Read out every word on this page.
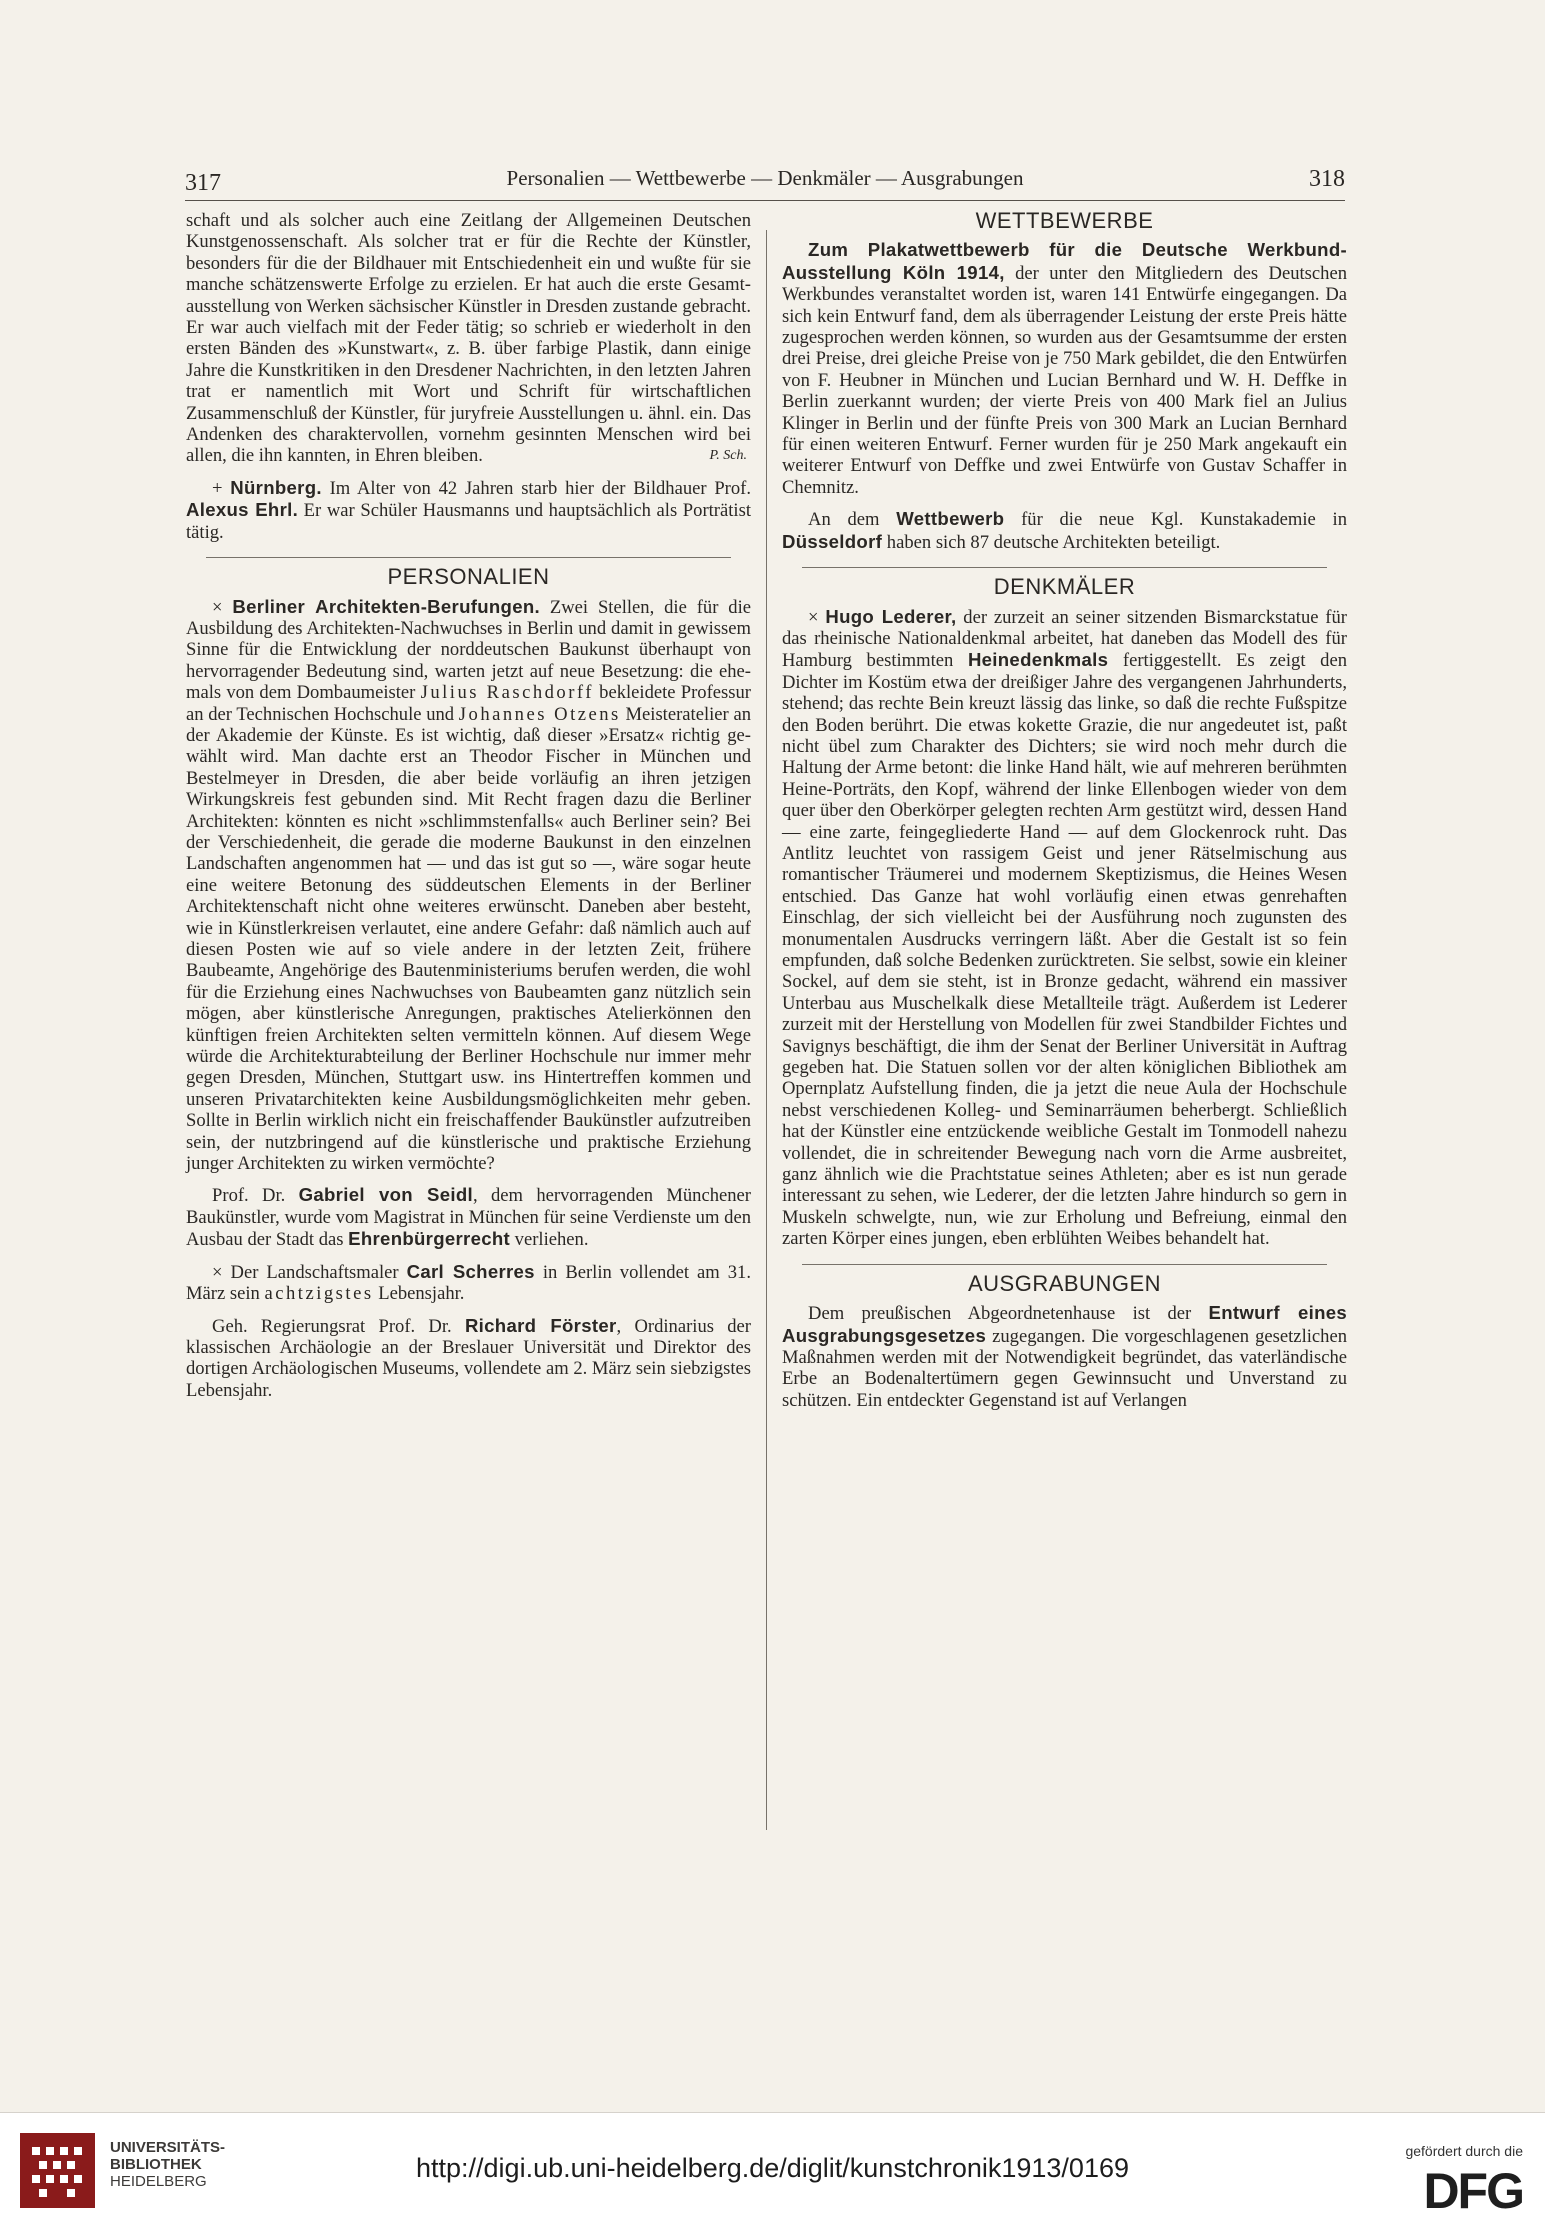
317	Personalien — Wettbewerbe — Denkmäler — Ausgrabungen	318

schaft und als solcher auch eine Zeitlang der Allgemeinen Deutschen Kunstgenossenschaft. Als solcher trat er für die Rechte der Künstler, besonders für die der Bildhauer mit Entschiedenheit ein und wußte für sie manche schätzenswerte Erfolge zu erzielen. Er hat auch die erste Gesamtausstellung von Werken sächsischer Künstler in Dresden zustande gebracht. Er war auch vielfach mit der Feder tätig; so schrieb er wiederholt in den ersten Bänden des »Kunstwart«, z. B. über farbige Plastik, dann einige Jahre die Kunstkritiken in den Dresdener Nachrichten, in den letzten Jahren trat er namentlich mit Wort und Schrift für wirtschaftlichen Zusammenschluß der Künstler, für juryfreie Ausstellungen u. ähnl. ein. Das Andenken des charaktervollen, vornehm gesinnten Menschen wird bei allen, die ihn kannten, in Ehren bleiben.	P. Sch.

+ Nürnberg. Im Alter von 42 Jahren starb hier der Bildhauer Prof. Alexus Ehrl. Er war Schüler Hausmanns und hauptsächlich als Porträtist tätig.

PERSONALIEN

× Berliner Architekten-Berufungen. Zwei Stellen, die für die Ausbildung des Architekten-Nachwuchses in Berlin und damit in gewissem Sinne für die Entwicklung der norddeutschen Baukunst überhaupt von hervorragender Bedeutung sind, warten jetzt auf neue Besetzung: die ehemals von dem Dombaumeister Julius Raschdorff bekleidete Professur an der Technischen Hochschule und Johannes Otzens Meisteratelier an der Akademie der Künste. Es ist wichtig, daß dieser »Ersatz« richtig gewählt wird. Man dachte erst an Theodor Fischer in München und Bestelmeyer in Dresden, die aber beide vorläufig an ihren jetzigen Wirkungskreis fest gebunden sind. Mit Recht fragen dazu die Berliner Architekten: könnten es nicht »schlimmstenfalls« auch Berliner sein? Bei der Verschiedenheit, die gerade die moderne Baukunst in den einzelnen Landschaften angenommen hat — und das ist gut so —, wäre sogar heute eine weitere Betonung des süddeutschen Elements in der Berliner Architektenschaft nicht ohne weiteres erwünscht. Daneben aber besteht, wie in Künstlerkreisen verlautet, eine andere Gefahr: daß nämlich auch auf diesen Posten wie auf so viele andere in der letzten Zeit, frühere Baubeamte, Angehörige des Bautenministeriums berufen werden, die wohl für die Erziehung eines Nachwuchses von Baubeamten ganz nützlich sein mögen, aber künstlerische Anregungen, praktisches Atelierkönnen den künftigen freien Architekten selten vermitteln können. Auf diesem Wege würde die Architekturabteilung der Berliner Hochschule nur immer mehr gegen Dresden, München, Stuttgart usw. ins Hintertreffen kommen und unseren Privatarchitekten keine Ausbildungsmöglichkeiten mehr geben. Sollte in Berlin wirklich nicht ein freischaffender Baukünstler aufzutreiben sein, der nutzbringend auf die künstlerische und praktische Erziehung junger Architekten zu wirken vermöchte?

Prof. Dr. Gabriel von Seidl, dem hervorragenden Münchener Baukünstler, wurde vom Magistrat in München für seine Verdienste um den Ausbau der Stadt das Ehrenbürgerrecht verliehen.

× Der Landschaftsmaler Carl Scherres in Berlin vollendet am 31. März sein achtzigstes Lebensjahr.

Geh. Regierungsrat Prof. Dr. Richard Förster, Ordinarius der klassischen Archäologie an der Breslauer Universität und Direktor des dortigen Archäologischen Museums, vollendete am 2. März sein siebzigstes Lebensjahr.

WETTBEWERBE

Zum Plakatwettbewerb für die Deutsche Werkbund-Ausstellung Köln 1914, der unter den Mitgliedern des Deutschen Werkbundes veranstaltet worden ist, waren 141 Entwürfe eingegangen. Da sich kein Entwurf fand, dem als überragender Leistung der erste Preis hätte zugesprochen werden können, so wurden aus der Gesamtsumme der ersten drei Preise, drei gleiche Preise von je 750 Mark gebildet, die den Entwürfen von F. Heubner in München und Lucian Bernhard und W. H. Deffke in Berlin zuerkannt wurden; der vierte Preis von 400 Mark fiel an Julius Klinger in Berlin und der fünfte Preis von 300 Mark an Lucian Bernhard für einen weiteren Entwurf. Ferner wurden für je 250 Mark angekauft ein weiterer Entwurf von Deffke und zwei Entwürfe von Gustav Schaffer in Chemnitz.

An dem Wettbewerb für die neue Kgl. Kunstakademie in Düsseldorf haben sich 87 deutsche Architekten beteiligt.

DENKMÄLER

× Hugo Lederer, der zurzeit an seiner sitzenden Bismarckstatue für das rheinische Nationaldenkmal arbeitet, hat daneben das Modell des für Hamburg bestimmten Heinedenkmals fertiggestellt. Es zeigt den Dichter im Kostüm etwa der dreißiger Jahre des vergangenen Jahrhunderts, stehend; das rechte Bein kreuzt lässig das linke, so daß die rechte Fußspitze den Boden berührt. Die etwas kokette Grazie, die nur angedeutet ist, paßt nicht übel zum Charakter des Dichters; sie wird noch mehr durch die Haltung der Arme betont: die linke Hand hält, wie auf mehreren berühmten Heine-Porträts, den Kopf, während der linke Ellenbogen wieder von dem quer über den Oberkörper gelegten rechten Arm gestützt wird, dessen Hand — eine zarte, feingegliederte Hand — auf dem Glockenrock ruht. Das Antlitz leuchtet von rassigem Geist und jener Rätselmischung aus romantischer Träumerei und modernem Skeptizismus, die Heines Wesen entschied. Das Ganze hat wohl vorläufig einen etwas genrehaften Einschlag, der sich vielleicht bei der Ausführung noch zugunsten des monumentalen Ausdrucks verringern läßt. Aber die Gestalt ist so fein empfunden, daß solche Bedenken zurücktreten. Sie selbst, sowie ein kleiner Sockel, auf dem sie steht, ist in Bronze gedacht, während ein massiver Unterbau aus Muschelkalk diese Metallteile trägt. Außerdem ist Lederer zurzeit mit der Herstellung von Modellen für zwei Standbilder Fichtes und Savignys beschäftigt, die ihm der Senat der Berliner Universität in Auftrag gegeben hat. Die Statuen sollen vor der alten königlichen Bibliothek am Opernplatz Aufstellung finden, die ja jetzt die neue Aula der Hochschule nebst verschiedenen Kolleg- und Seminarräumen beherbergt. Schließlich hat der Künstler eine entzückende weibliche Gestalt im Tonmodell nahezu vollendet, die in schreitender Bewegung nach vorn die Arme ausbreitet, ganz ähnlich wie die Prachtstatue seines Athleten; aber es ist nun gerade interessant zu sehen, wie Lederer, der die letzten Jahre hindurch so gern in Muskeln schwelgte, nun, wie zur Erholung und Befreiung, einmal den zarten Körper eines jungen, eben erblühten Weibes behandelt hat.

AUSGRABUNGEN

Dem preußischen Abgeordnetenhause ist der Entwurf eines Ausgrabungsgesetzes zugegangen. Die vorgeschlagenen gesetzlichen Maßnahmen werden mit der Notwendigkeit begründet, das vaterländische Erbe an Bodenaltertümern gegen Gewinnsucht und Unverstand zu schützen. Ein entdeckter Gegenstand ist auf Verlangen

UNIVERSITÄTS-
BIBLIOTHEK
HEIDELBERG	http://digi.ub.uni-heidelberg.de/diglit/kunstchronik1913/0169
gefördert durch die
DFG
